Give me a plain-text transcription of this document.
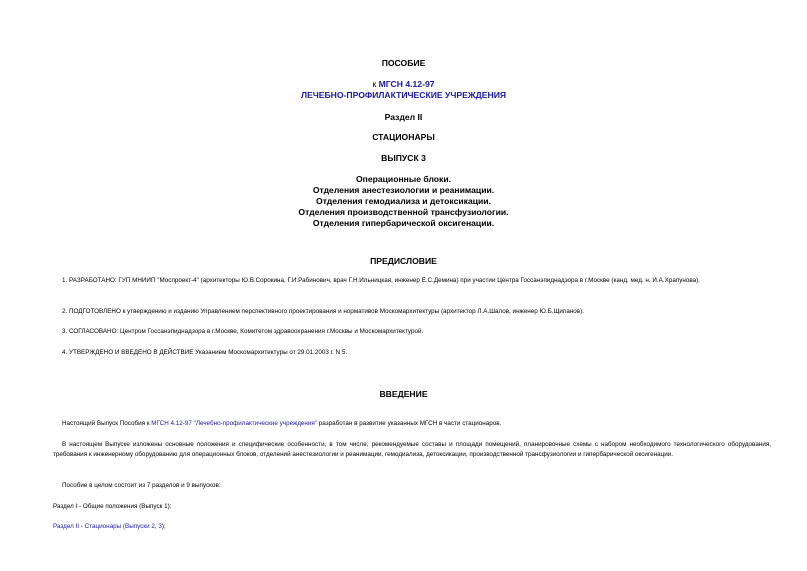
ПОСОБИЕ
к МГСН 4.12-97
ЛЕЧЕБНО-ПРОФИЛАКТИЧЕСКИЕ УЧРЕЖДЕНИЯ
Раздел II
СТАЦИОНАРЫ
ВЫПУСК 3
Операционные блоки.
Отделения анестезиологии и реанимации.
Отделения гемодиализа и детоксикации.
Отделения производственной трансфузиологии.
Отделения гипербарической оксигенации.
ПРЕДИСЛОВИЕ
1. РАЗРАБОТАНО: ГУП МНИИП "Моспроект-4" (архитекторы Ю.В.Сорокина, Г.И.Рабинович, врач Г.Н.Ильницкая, инженер Е.С.Демина) при участии Центра Госсанэпиднадзора в г.Москве (канд. мед. н. И.А.Храпунова).
2. ПОДГОТОВЛЕНО к утверждению и изданию Управлением перспективного проектирования и нормативов Москомархитектуры (архитектор Л.А.Шалов, инженер Ю.Б.Щипанов).
3. СОГЛАСОВАНО: Центром Госсанэпиднадзора в г.Москве, Комитетом здравоохранения г.Москвы и Москомархитектурой.
4. УТВЕРЖДЕНО И ВВЕДЕНО В ДЕЙСТВИЕ Указанием Москомархитектуры от 29.01.2003 г. N 5.
ВВЕДЕНИЕ
Настоящий Выпуск Пособия к МГСН 4.12-97 "Лечебно-профилактические учреждения" разработан в развитие указанных МГСН в части стационаров.
В настоящем Выпуске изложены основные положения и специфические особенности, в том числе, рекомендуемые составы и площади помещений, планировочные схемы с набором необходимого технологического оборудования, требования к инженерному оборудованию для операционных блоков, отделений анестезиологии и реанимации, гемодиализа, детоксикации, производственной трансфузиологии и гипербарической оксигенации.
Пособие в целом состоит из 7 разделов и 9 выпусков:
Раздел I - Общие положения (Выпуск 1);
Раздел II - Стационары (Выпуски 2, 3);
